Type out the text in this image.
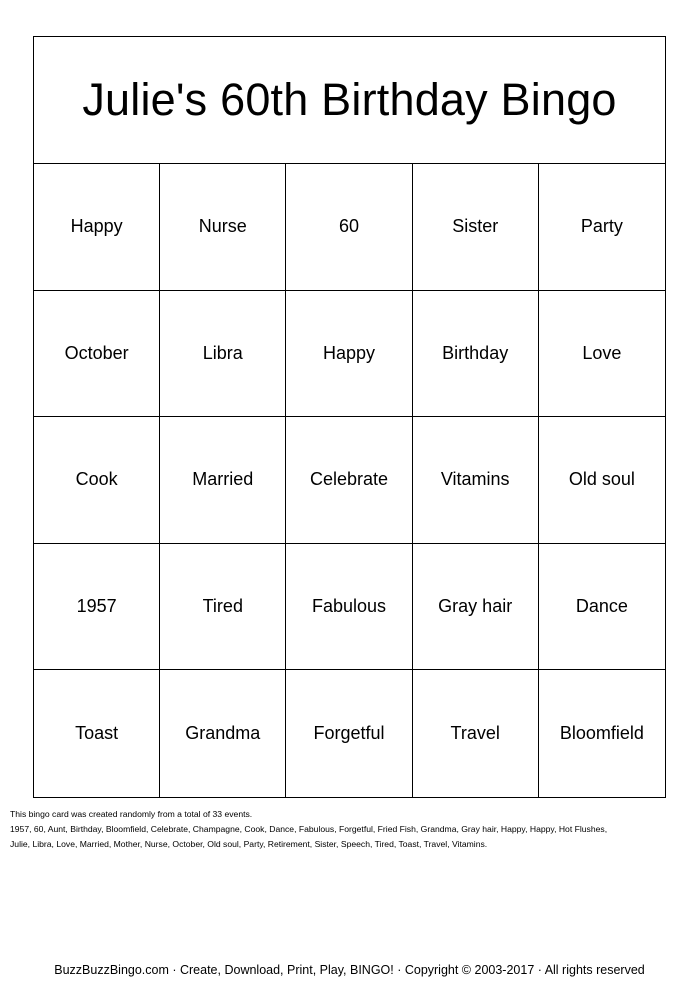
Julie's 60th Birthday Bingo
Happy	Nurse	60	Sister	Party
October	Libra	Happy	Birthday	Love
Cook	Married	Celebrate	Vitamins	Old soul
1957	Tired	Fabulous	Gray hair	Dance
Toast	Grandma	Forgetful	Travel	Bloomfield

This bingo card was created randomly from a total of 33 events.

1957, 60, Aunt, Birthday, Bloomfield, Celebrate, Champagne, Cook, Dance, Fabulous, Forgetful, Fried Fish, Grandma, Gray hair, Happy, Happy, Hot Flushes,

Julie, Libra, Love, Married, Mother, Nurse, October, Old soul, Party, Retirement, Sister, Speech, Tired, Toast, Travel, Vitamins.

BuzzBuzzBingo.com · Create, Download, Print, Play, BINGO! · Copyright © 2003-2017 · All rights reserved
